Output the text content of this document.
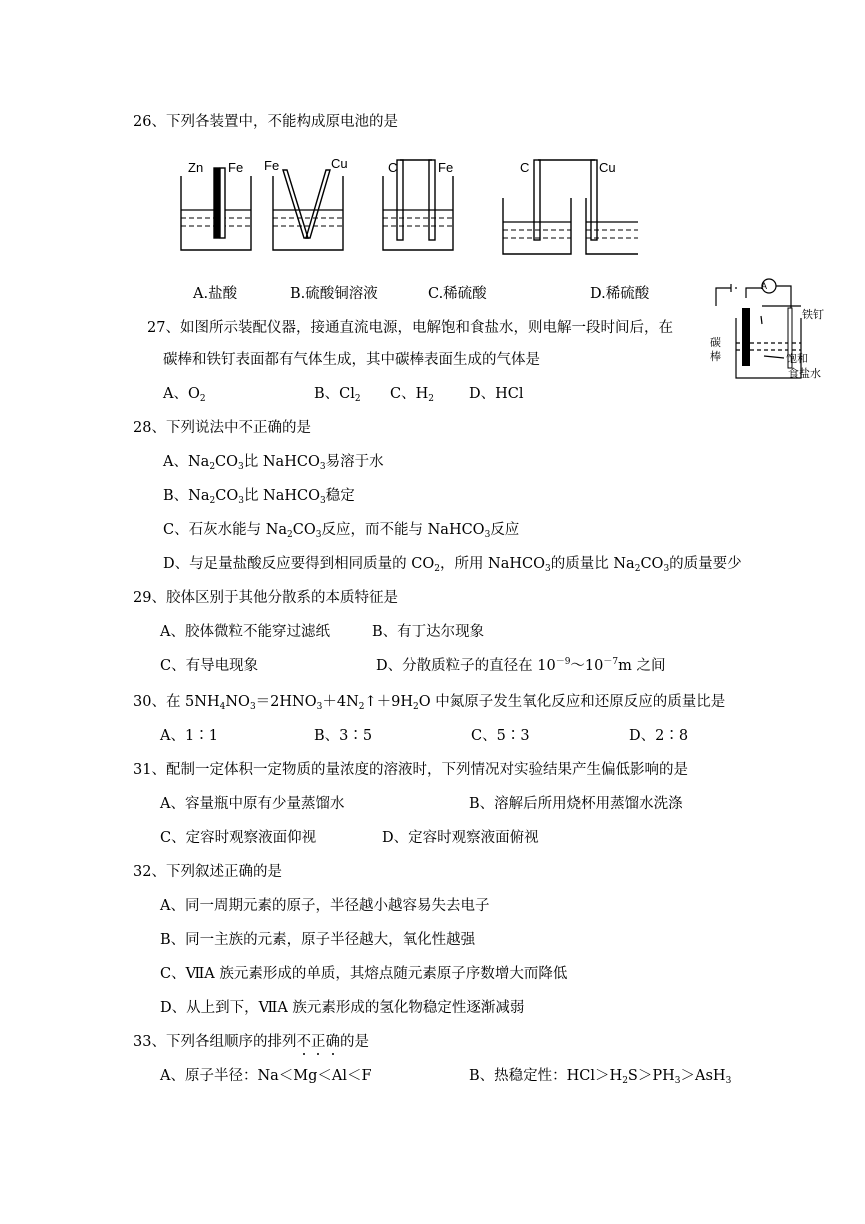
26、下列各装置中，不能构成原电池的是
Zn Fe Fe	Cu	C	Fe	C	Cu
A.盐酸	B.硫酸铜溶液	C.稀硫酸	D.稀硫酸
27、如图所示装配仪器，接通直流电源，电解饱和食盐水，则电解一段时间后，在
碳棒和铁钉表面都有气体生成，其中碳棒表面生成的气体是
A
碳
棒
铁钉
饱和
食盐水
A、$O_2$	B、$Cl_2$ C、$H_2$ D、HCl
28、下列说法中不正确的是
A、$Na_2CO_3$比 NaHCO$_3$易溶于水
B、$Na_2CO_3$比 NaHCO$_3$稳定
C、石灰水能与 $Na_2CO_3$反应，而不能与 NaHCO$_3$反应
D、与足量盐酸反应要得到相同质量的 $CO_2$，所用 NaHCO$_3$的质量比 $Na_2CO_3$的质量要少
29、胶体区别于其他分散系的本质特征是
A、胶体微粒不能穿过滤纸	B、有丁达尔现象
C、有导电现象	D、分散质粒子的直径在 $10^{-9}\sim 10^{-7}m$ 之间
30、在 $5NH_4NO_3=2HNO_3+4N_2↑+9H_2O$ 中氮原子发生氧化反应和还原反应的质量比是
A、1∶1	B、3∶5	C、5∶3	D、2∶8
31、配制一定体积一定物质的量浓度的溶液时，下列情况对实验结果产生偏低影响的是
A、容量瓶中原有少量蒸馏水	B、溶解后所用烧杯用蒸馏水洗涤
C、定容时观察液面仰视	D、定容时观察液面俯视
32、下列叙述正确的是
A、同一周期元素的原子，半径越小越容易失去电子
B、同一主族的元素，原子半径越大，氧化性越强
C、ⅦA 族元素形成的单质，其熔点随元素原子序数增大而降低
D、从上到下，ⅦA 族元素形成的氢化物稳定性逐渐减弱
33、下列各组顺序的排列不正确的是
A、原子半径：Na＜Mg＜Al＜F	B、热稳定性：$HCl>H_2S>PH_3>AsH_3$
